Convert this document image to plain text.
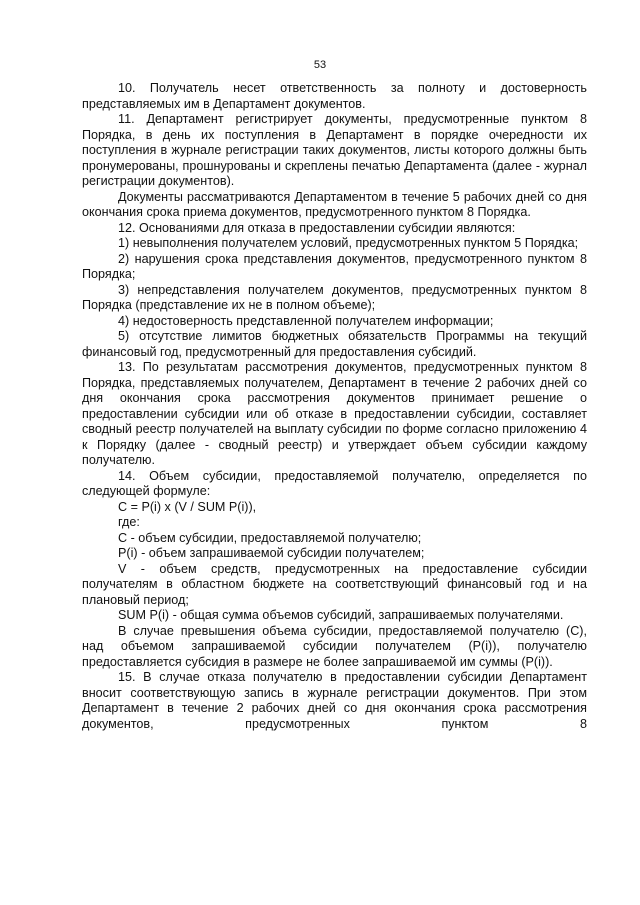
53

10. Получатель несет ответственность за полноту и достоверность представляемых им в Департамент документов.

11. Департамент регистрирует документы, предусмотренные пунктом 8 Порядка, в день их поступления в Департамент в порядке очередности их поступления в журнале регистрации таких документов, листы которого должны быть пронумерованы, прошнурованы и скреплены печатью Департамента (далее - журнал регистрации документов).

Документы рассматриваются Департаментом в течение 5 рабочих дней со дня окончания срока приема документов, предусмотренного пунктом 8 Порядка.

12. Основаниями для отказа в предоставлении субсидии являются:

1) невыполнения получателем условий, предусмотренных пунктом 5 Порядка;

2) нарушения срока представления документов, предусмотренного пунктом 8 Порядка;

3) непредставления получателем документов, предусмотренных пунктом 8 Порядка (представление их не в полном объеме);

4) недостоверность представленной получателем информации;

5) отсутствие лимитов бюджетных обязательств Программы на текущий финансовый год, предусмотренный для предоставления субсидий.

13. По результатам рассмотрения документов, предусмотренных пунктом 8 Порядка, представляемых получателем, Департамент в течение 2 рабочих дней со дня окончания срока рассмотрения документов принимает решение о предоставлении субсидии или об отказе в предоставлении субсидии, составляет сводный реестр получателей на выплату субсидии по форме согласно приложению 4 к Порядку (далее - сводный реестр) и утверждает объем субсидии каждому получателю.

14. Объем субсидии, предоставляемой получателю, определяется по следующей формуле:

C = P(i) x (V / SUM P(i)),

где:

C - объем субсидии, предоставляемой получателю;

P(i) - объем запрашиваемой субсидии получателем;

V - объем средств, предусмотренных на предоставление субсидии получателям в областном бюджете на соответствующий финансовый год и на плановый период;

SUM P(i) - общая сумма объемов субсидий, запрашиваемых получателями.

В случае превышения объема субсидии, предоставляемой получателю (C), над объемом запрашиваемой субсидии получателем (P(i)), получателю предоставляется субсидия в размере не более запрашиваемой им суммы (P(i)).

15. В случае отказа получателю в предоставлении субсидии Департамент вносит соответствующую запись в журнале регистрации документов. При этом Департамент в течение 2 рабочих дней со дня окончания срока рассмотрения документов, предусмотренных пунктом 8
